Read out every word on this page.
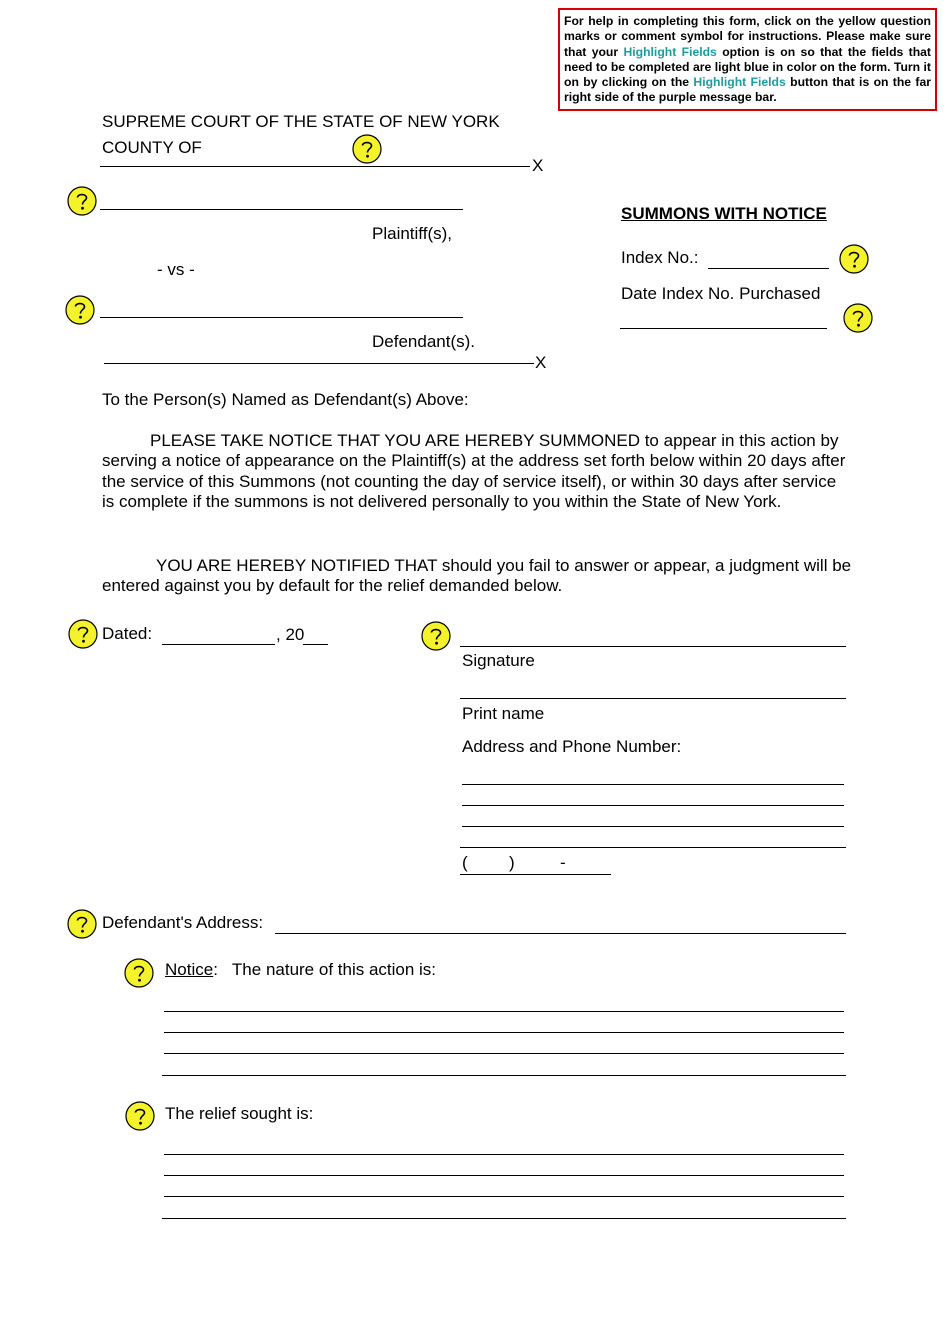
For help in completing this form, click on the yellow question marks or comment symbol for instructions. Please make sure that your Highlight Fields option is on so that the fields that need to be completed are light blue in color on the form. Turn it on by clicking on the Highlight Fields button that is on the far right side of the purple message bar.
SUPREME COURT OF THE STATE OF NEW YORK
COUNTY OF
X
Plaintiff(s),
- vs -
Defendant(s).
X
SUMMONS WITH NOTICE
Index No.:
Date Index No. Purchased
To the Person(s) Named as Defendant(s) Above:
PLEASE TAKE NOTICE THAT YOU ARE HEREBY SUMMONED to appear in this action by serving a notice of appearance on the Plaintiff(s) at the address set forth below within 20 days after the service of this Summons (not counting the day of service itself), or within 30 days after service is complete if the summons is not delivered personally to you within the State of New York.
YOU ARE HEREBY NOTIFIED THAT should you fail to answer or appear, a judgment will be entered against you by default for the relief demanded below.
Dated:	, 20
Signature
Print name
Address and Phone Number:
( )	-
Defendant's Address:
Notice: The nature of this action is:
The relief sought is:
